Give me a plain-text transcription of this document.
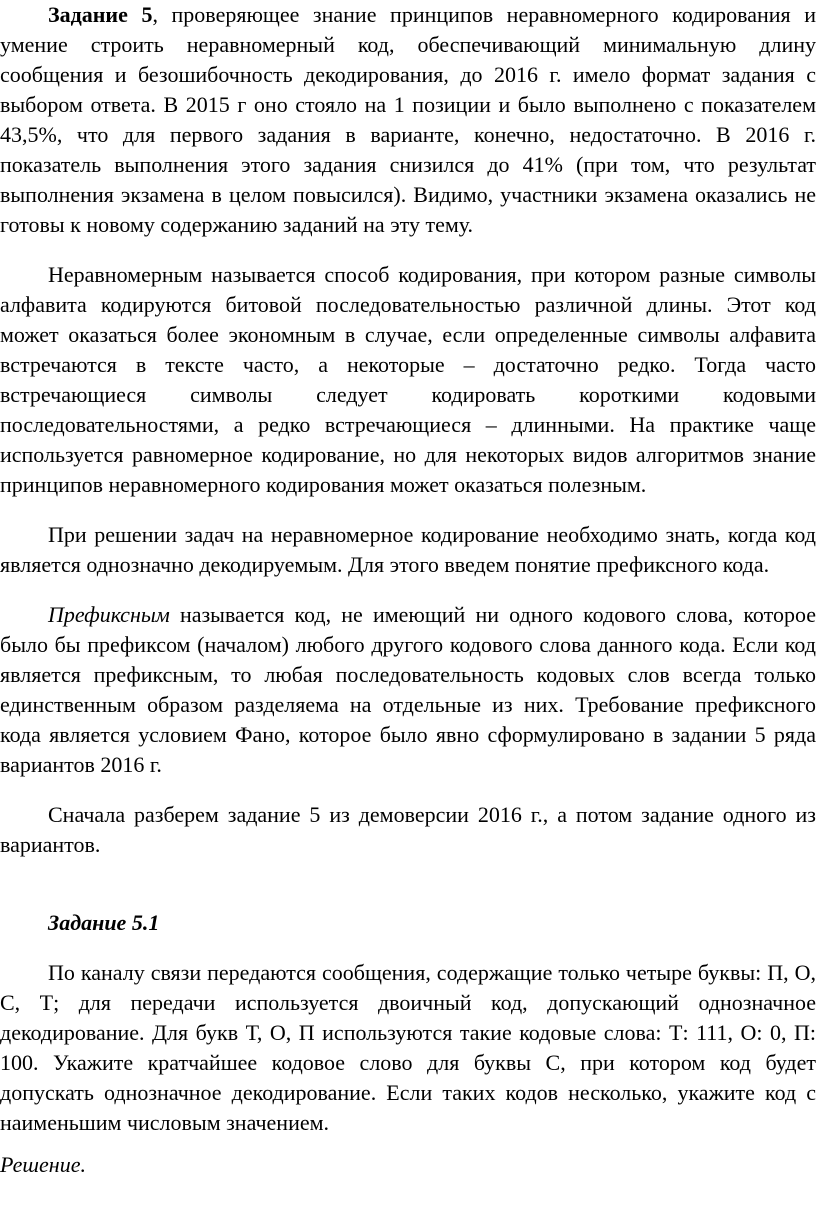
Задание 5, проверяющее знание принципов неравномерного кодирования и умение строить неравномерный код, обеспечивающий минимальную длину сообщения и безошибочность декодирования, до 2016 г. имело формат задания с выбором ответа. В 2015 г оно стояло на 1 позиции и было выполнено с показателем 43,5%, что для первого задания в варианте, конечно, недостаточно. В 2016 г. показатель выполнения этого задания снизился до 41% (при том, что результат выполнения экзамена в целом повысился). Видимо, участники экзамена оказались не готовы к новому содержанию заданий на эту тему.

Неравномерным называется способ кодирования, при котором разные символы алфавита кодируются битовой последовательностью различной длины. Этот код может оказаться более экономным в случае, если определенные символы алфавита встречаются в тексте часто, а некоторые – достаточно редко. Тогда часто встречающиеся символы следует кодировать короткими кодовыми последовательностями, а редко встречающиеся – длинными. На практике чаще используется равномерное кодирование, но для некоторых видов алгоритмов знание принципов неравномерного кодирования может оказаться полезным.

При решении задач на неравномерное кодирование необходимо знать, когда код является однозначно декодируемым. Для этого введем понятие префиксного кода.

Префиксным называется код, не имеющий ни одного кодового слова, которое было бы префиксом (началом) любого другого кодового слова данного кода. Если код является префиксным, то любая последовательность кодовых слов всегда только единственным образом разделяема на отдельные из них. Требование префиксного кода является условием Фано, которое было явно сформулировано в задании 5 ряда вариантов 2016 г.

Сначала разберем задание 5 из демоверсии 2016 г., а потом задание одного из вариантов.

Задание 5.1

По каналу связи передаются сообщения, содержащие только четыре буквы: П, О, С, Т; для передачи используется двоичный код, допускающий однозначное декодирование. Для букв Т, О, П используются такие кодовые слова: Т: 111, О: 0, П: 100. Укажите кратчайшее кодовое слово для буквы С, при котором код будет допускать однозначное декодирование. Если таких кодов несколько, укажите код с наименьшим числовым значением.

Решение.
